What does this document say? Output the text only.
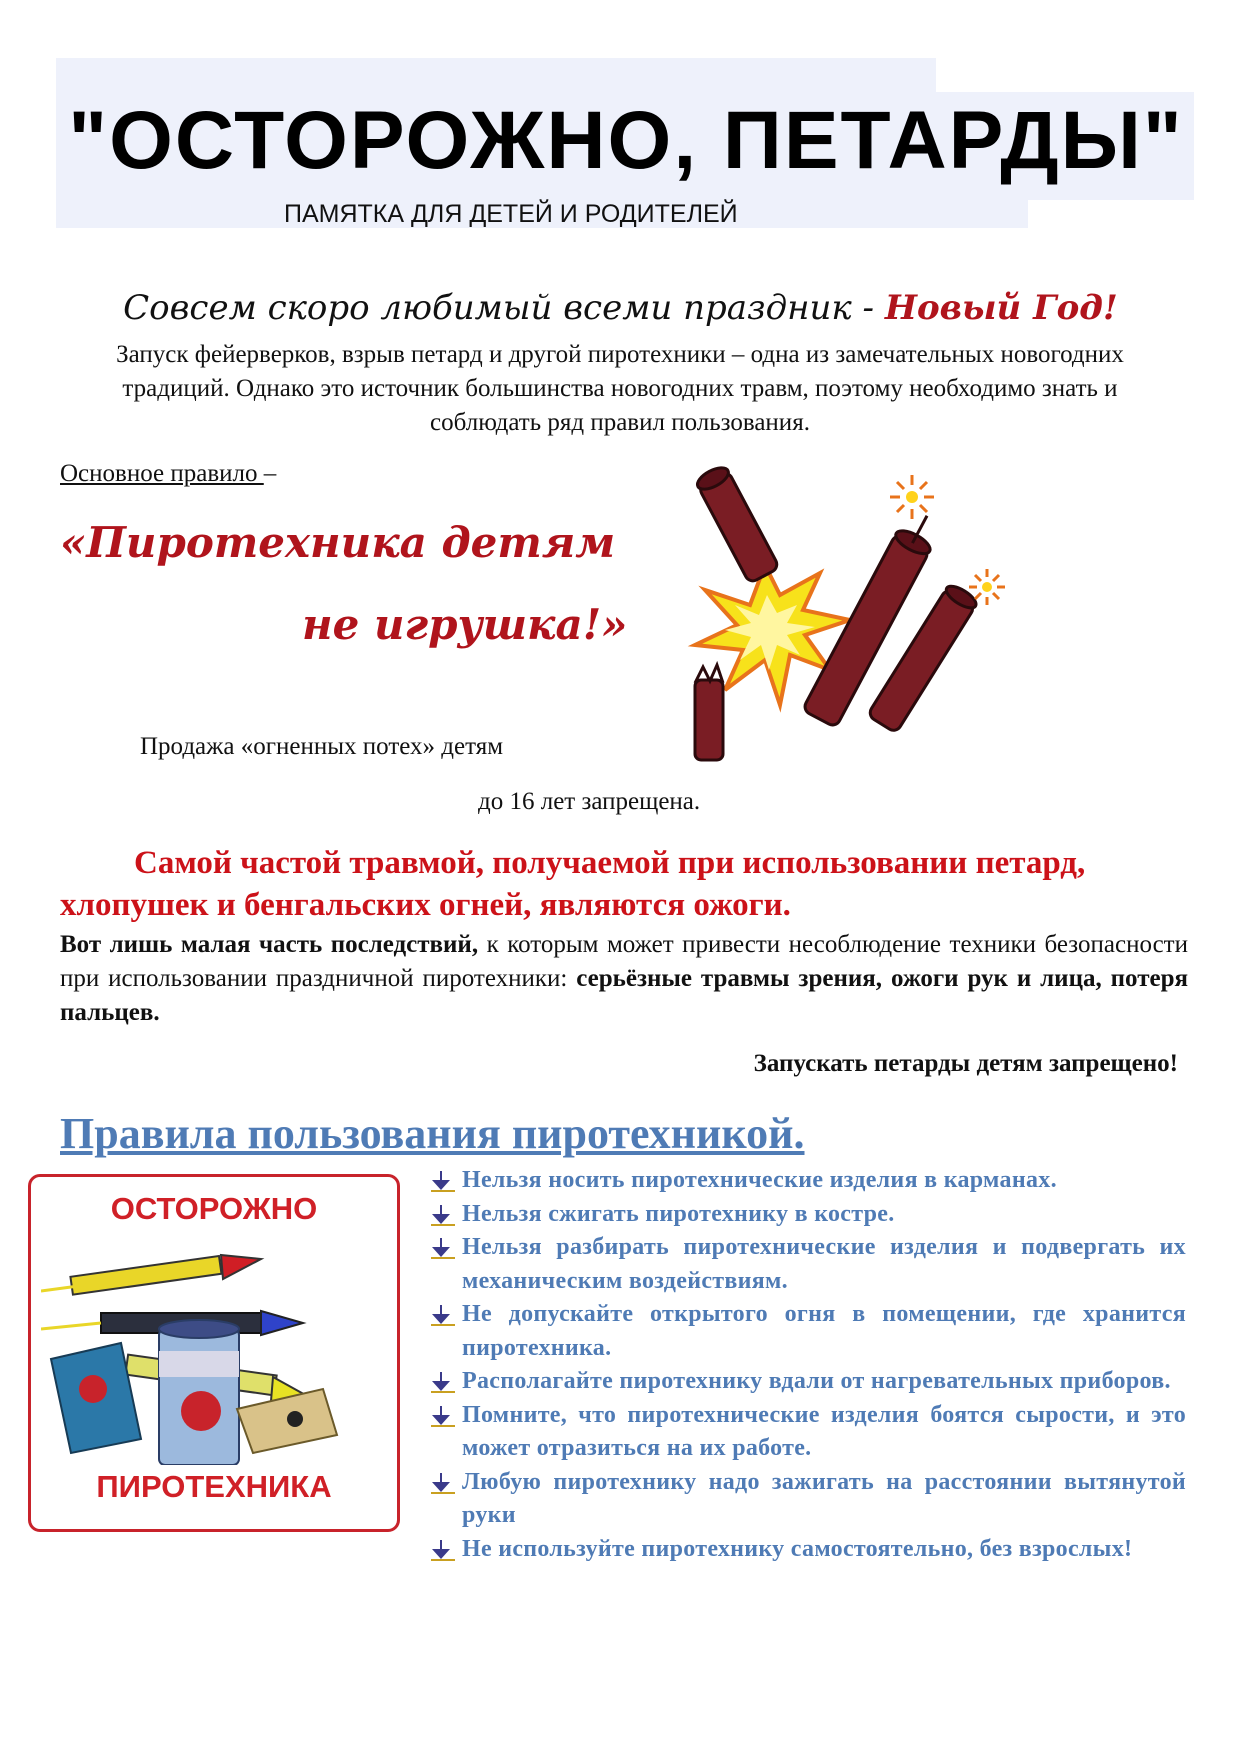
"ОСТОРОЖНО, ПЕТАРДЫ"
ПАМЯТКА ДЛЯ ДЕТЕЙ И РОДИТЕЛЕЙ
Совсем скоро любимый всеми праздник - Новый Год!
Запуск фейерверков, взрыв петард и другой пиротехники – одна из замечательных новогодних традиций. Однако это источник большинства новогодних травм, поэтому необходимо знать и соблюдать ряд правил пользования.
Основное правило –
«Пиротехника детям
не игрушка!»
Продажа «огненных потех» детям
до 16 лет запрещена.
Самой частой травмой, получаемой при использовании петард, хлопушек и бенгальских огней, являются ожоги.
Вот лишь малая часть последствий, к которым может привести несоблюдение техники безопасности при использовании праздничной пиротехники: серьёзные травмы зрения, ожоги рук и лица, потеря пальцев.
Запускать петарды детям запрещено!
Правила пользования пиротехникой.
ОСТОРОЖНО
ПИРОТЕХНИКА
Нельзя носить пиротехнические изделия в карманах.
Нельзя сжигать пиротехнику в костре.
Нельзя разбирать пиротехнические изделия и подвергать их механическим воздействиям.
Не допускайте открытого огня в помещении, где хранится пиротехника.
Располагайте пиротехнику вдали от нагревательных приборов.
Помните, что пиротехнические изделия боятся сырости, и это может отразиться на их работе.
Любую пиротехнику надо зажигать на расстоянии вытянутой руки
Не используйте пиротехнику самостоятельно, без взрослых!
